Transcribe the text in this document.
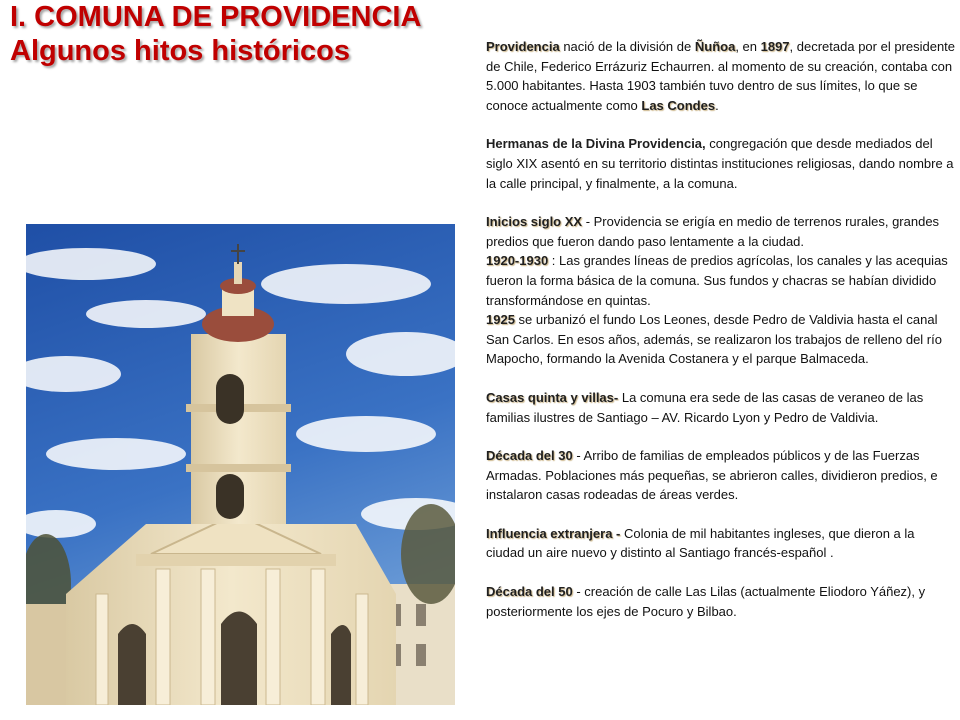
I. COMUNA DE PROVIDENCIA
Algunos hitos históricos	Providencia nació de la división de Ñuñoa, en 1897, decretada por el presidente de Chile, Federico Errázuriz Echaurren. al momento de su creación, contaba con 5.000 habitantes. Hasta 1903 también tuvo dentro de sus límites, lo que se conoce actualmente como Las Condes.

Hermanas de la Divina Providencia, congregación que desde mediados del siglo XIX asentó en su territorio distintas instituciones religiosas, dando nombre a la calle principal, y finalmente, a la comuna.

Inicios siglo XX - Providencia se erigía en medio de terrenos rurales, grandes predios que fueron dando paso lentamente a la ciudad.

1920-1930 : Las grandes líneas de predios agrícolas, los canales y las acequias fueron la forma básica de la comuna. Sus fundos y chacras se habían dividido transformándose en quintas.

1925 se urbanizó el fundo Los Leones, desde Pedro de Valdivia hasta el canal San Carlos. En esos años, además, se realizaron los trabajos de relleno del río Mapocho, formando la Avenida Costanera y el parque Balmaceda.

Casas quinta y villas- La comuna era sede de las casas de veraneo de las familias ilustres de Santiago – AV. Ricardo Lyon y Pedro de Valdivia.

Década del 30 - Arribo de familias de empleados públicos y de las Fuerzas Armadas. Poblaciones más pequeñas, se abrieron calles, dividieron predios, e instalaron casas rodeadas de áreas verdes.

Influencia extranjera - Colonia de mil habitantes ingleses, que dieron a la ciudad un aire nuevo y distinto al Santiago francés-español .

Década del 50 - creación de calle Las Lilas (actualmente Eliodoro Yáñez), y posteriormente los ejes de Pocuro y Bilbao.
